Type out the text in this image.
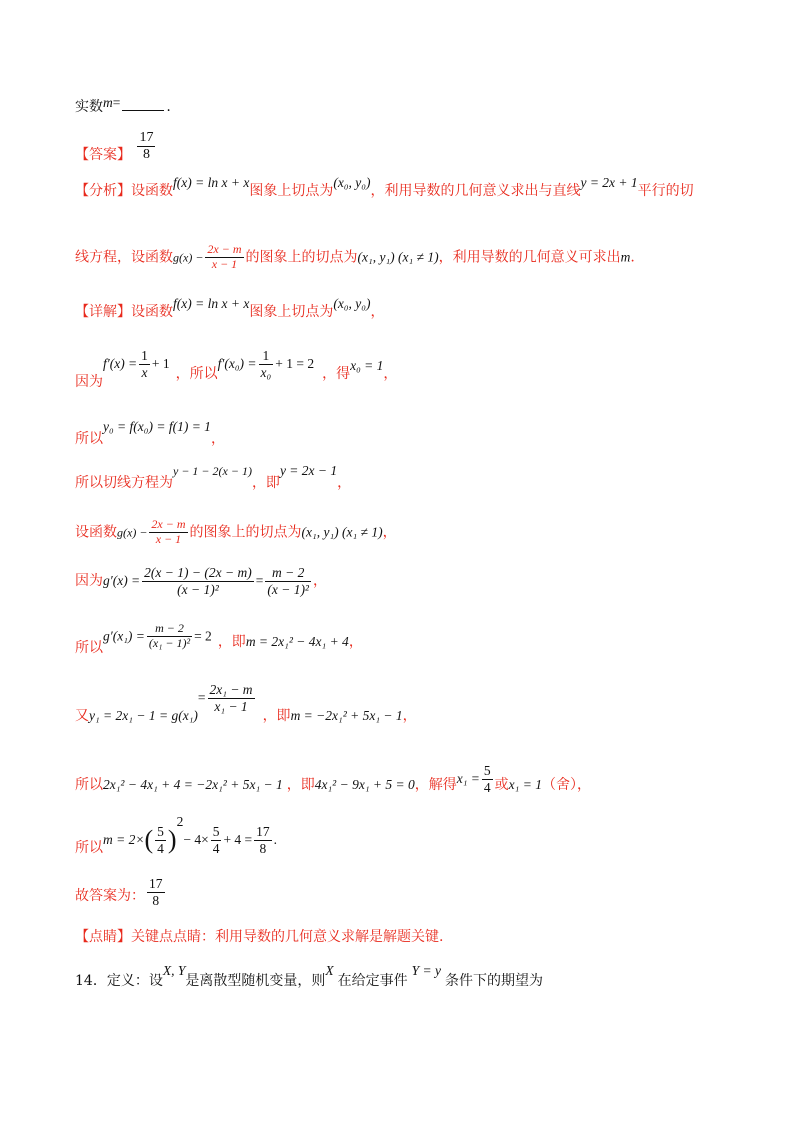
实数m=	.
【答案】 $\frac{17}{8}$
【分析】设函数f(x) = ln x + x图象上切点为(x₀, y₀)，利用导数的几何意义求出与直线y = 2x + 1平行的切
线方程，设函数$g(x) - \frac{2x - m}{x - 1}$ 的图象上的切点为(x₁, y₁) (x₁ ≠ 1)，利用导数的几何意义可求出m.
【详解】设函数f(x) = ln x + x图象上切点为(x₀, y₀)，
因为$f'(x) = \frac{1}{x} + 1$，所以$f'(x_0) = \frac{1}{\text{x₀}} + 1 = 2$，得x₀ = 1，
所以y₀ = f(x₀) = f(1) = 1，
所以切线方程为y − 1 − 2(x − 1)，即y = 2x − 1，
设函数$g(x) - \frac{2x - m}{x - 1}$ 的图象上的切点为(x₁, y₁) (x₁ ≠ 1)，
因为$g'(x) = \frac{2(x - 1) - (2x - m)}{\text{(x − 1)²}} = \frac{m - 2}{\text{(x − 1)²}}$ ，
所以$g'(x_1) = \frac{m - 2}{\text{(x₁ − 1)²}} = 2$ ，即m = 2x₁² − 4x₁ + 4，
又$y_1 = 2x_1 - 1 = g(x_1)= \frac{\text{2x₁ − m}}{\text{x₁ − 1}}$
，即m = −2x₁² + 5x₁ − 1，
所以2x₁² − 4x₁ + 4 = −2x₁² + 5x₁ − 1 ，即4x₁² − 9x₁ + 5 = 0，解得$x_1 = \frac{5}{4}$ 或x₁ = 1（舍），
所以$m = 2\times( \frac{5}{4} )^2- 4\times \frac{5}{4} + 4 = \frac{17}{8}$ .
故答案为： $\frac{17}{8}$
【点睛】关键点点睛：利用导数的几何意义求解是解题关键.
14．定义：设X, Y是离散型随机变量，则X在给定事件Y = y条件下的期望为
